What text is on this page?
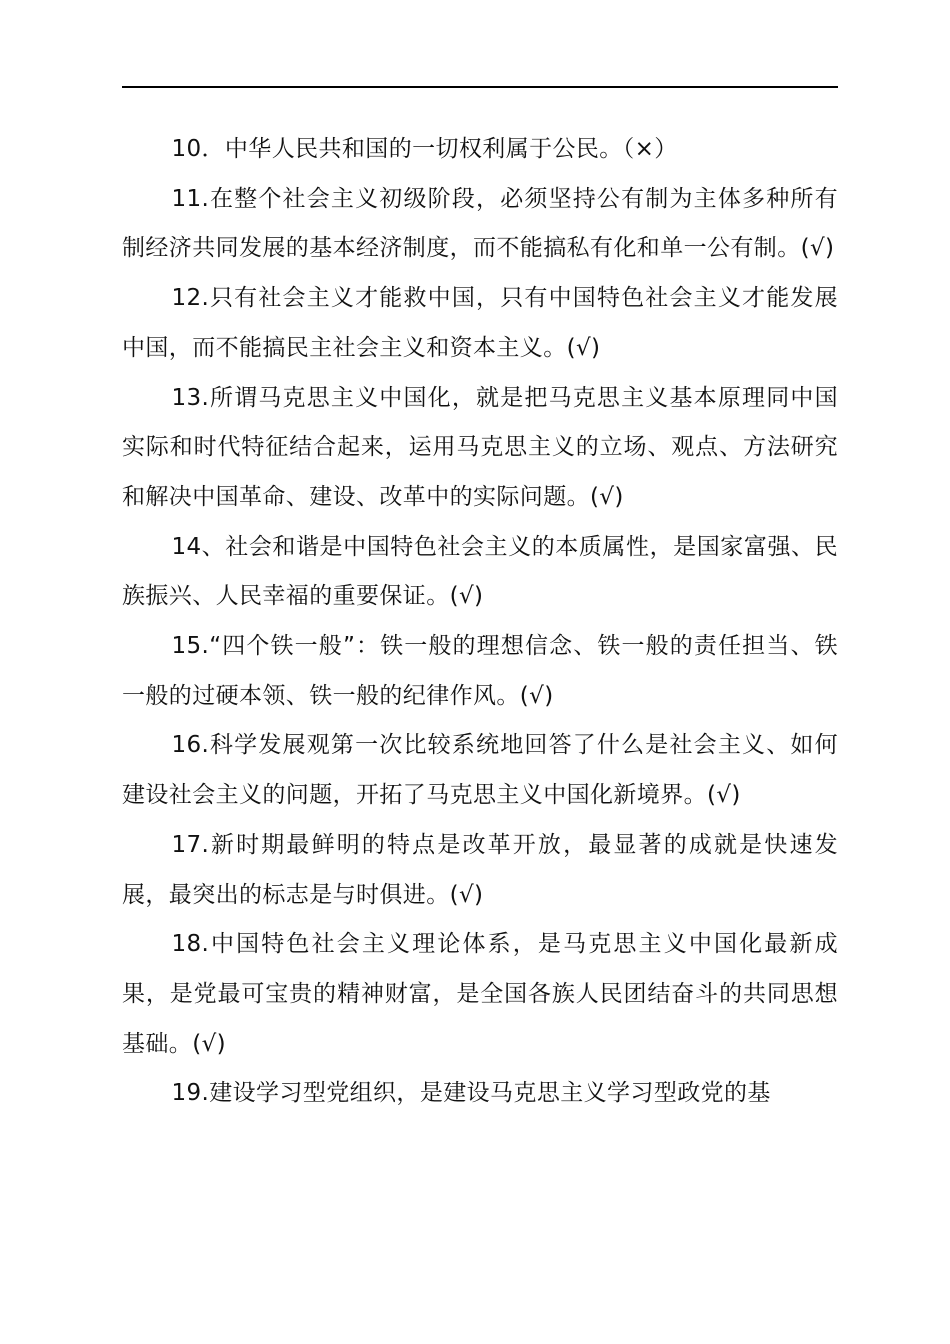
10．中华人民共和国的一切权利属于公民。（×）

11.在整个社会主义初级阶段，必须坚持公有制为主体多种所有制经济共同发展的基本经济制度，而不能搞私有化和单一公有制。(√)

12.只有社会主义才能救中国，只有中国特色社会主义才能发展中国，而不能搞民主社会主义和资本主义。(√)

13.所谓马克思主义中国化，就是把马克思主义基本原理同中国实际和时代特征结合起来，运用马克思主义的立场、观点、方法研究和解决中国革命、建设、改革中的实际问题。(√)

14、社会和谐是中国特色社会主义的本质属性，是国家富强、民族振兴、人民幸福的重要保证。(√)

15.“四个铁一般”：铁一般的理想信念、铁一般的责任担当、铁一般的过硬本领、铁一般的纪律作风。(√)

16.科学发展观第一次比较系统地回答了什么是社会主义、如何建设社会主义的问题，开拓了马克思主义中国化新境界。(√)

17.新时期最鲜明的特点是改革开放，最显著的成就是快速发展，最突出的标志是与时俱进。(√)

18.中国特色社会主义理论体系，是马克思主义中国化最新成果，是党最可宝贵的精神财富，是全国各族人民团结奋斗的共同思想基础。(√)

19.建设学习型党组织，是建设马克思主义学习型政党的基
